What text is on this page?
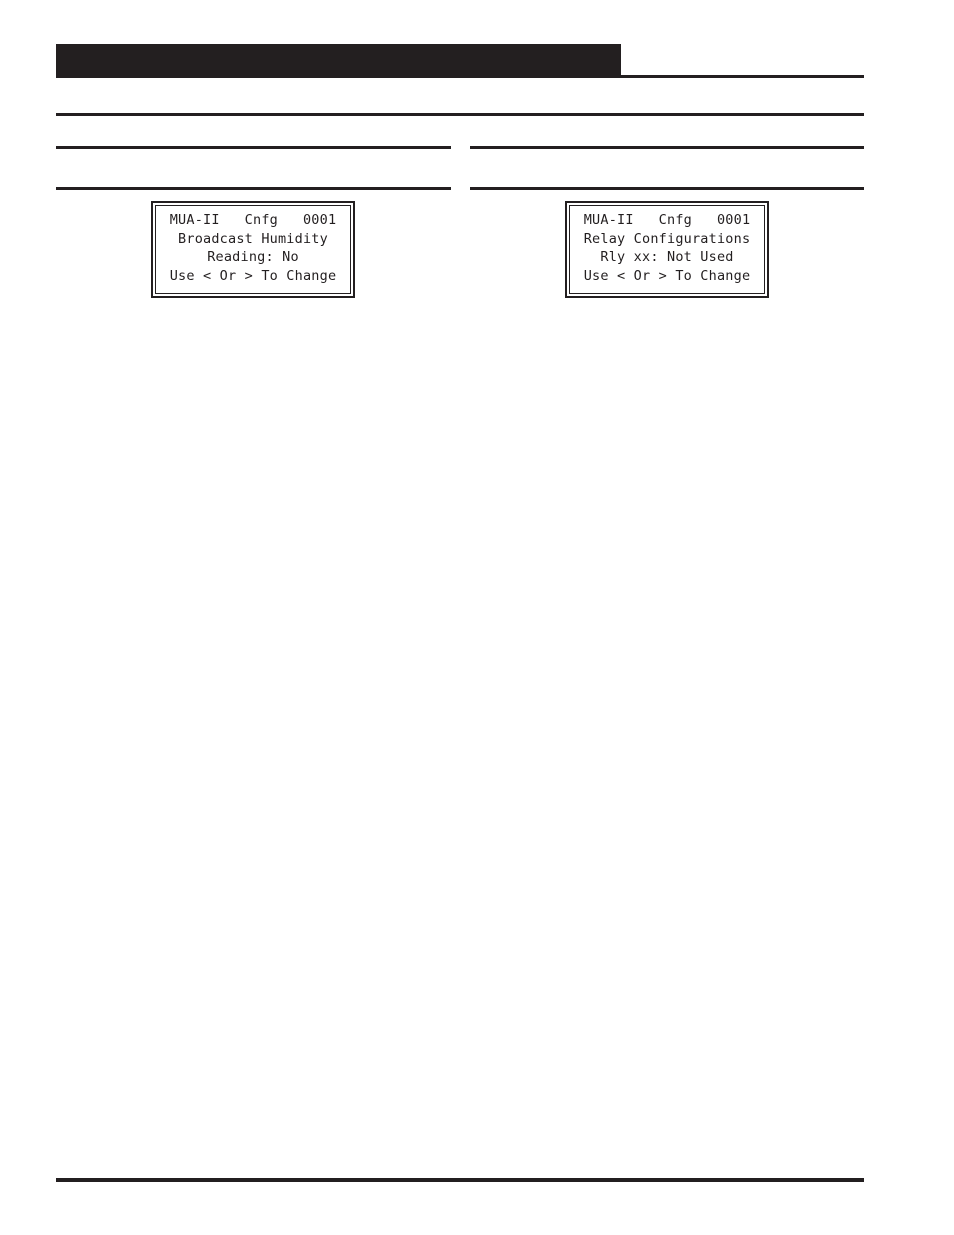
MUA-II   Cnfg   0001
Broadcast Humidity
Reading: No
Use < Or > To Change
MUA-II   Cnfg   0001
Relay Configurations
Rly xx: Not Used
Use < Or > To Change
